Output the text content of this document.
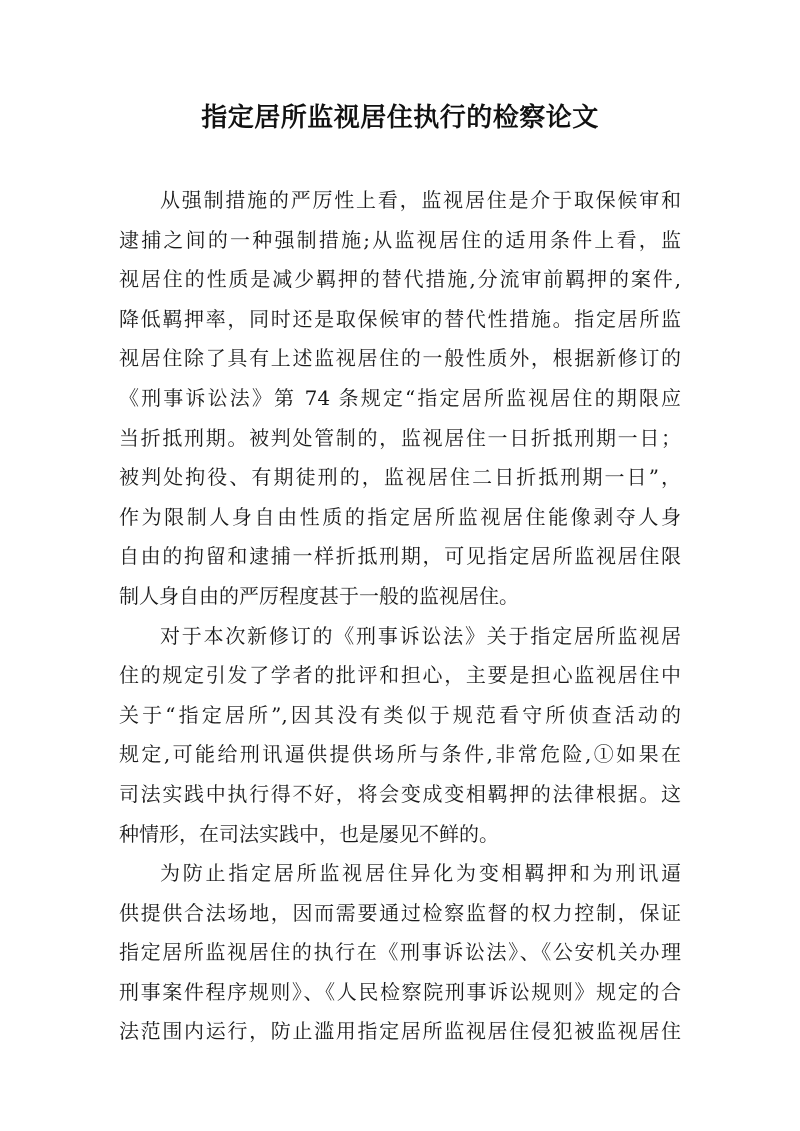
指定居所监视居住执行的检察论文
从强制措施的严厉性上看，监视居住是介于取保候审和
逮捕之间的一种强制措施;从监视居住的适用条件上看，监
视居住的性质是减少羁押的替代措施,分流审前羁押的案件,
降低羁押率，同时还是取保候审的替代性措施。指定居所监
视居住除了具有上述监视居住的一般性质外，根据新修订的
《刑事诉讼法》第 74 条规定“指定居所监视居住的期限应
当折抵刑期。被判处管制的，监视居住一日折抵刑期一日；
被判处拘役、有期徒刑的，监视居住二日折抵刑期一日”，
作为限制人身自由性质的指定居所监视居住能像剥夺人身
自由的拘留和逮捕一样折抵刑期，可见指定居所监视居住限
制人身自由的严厉程度甚于一般的监视居住。
对于本次新修订的《刑事诉讼法》关于指定居所监视居
住的规定引发了学者的批评和担心，主要是担心监视居住中
关于“指定居所”,因其没有类似于规范看守所侦查活动的
规定,可能给刑讯逼供提供场所与条件,非常危险,①如果在
司法实践中执行得不好，将会变成变相羁押的法律根据。这
种情形，在司法实践中，也是屡见不鲜的。
为防止指定居所监视居住异化为变相羁押和为刑讯逼
供提供合法场地，因而需要通过检察监督的权力控制，保证
指定居所监视居住的执行在《刑事诉讼法》、《公安机关办理
刑事案件程序规则》、《人民检察院刑事诉讼规则》规定的合
法范围内运行，防止滥用指定居所监视居住侵犯被监视居住
